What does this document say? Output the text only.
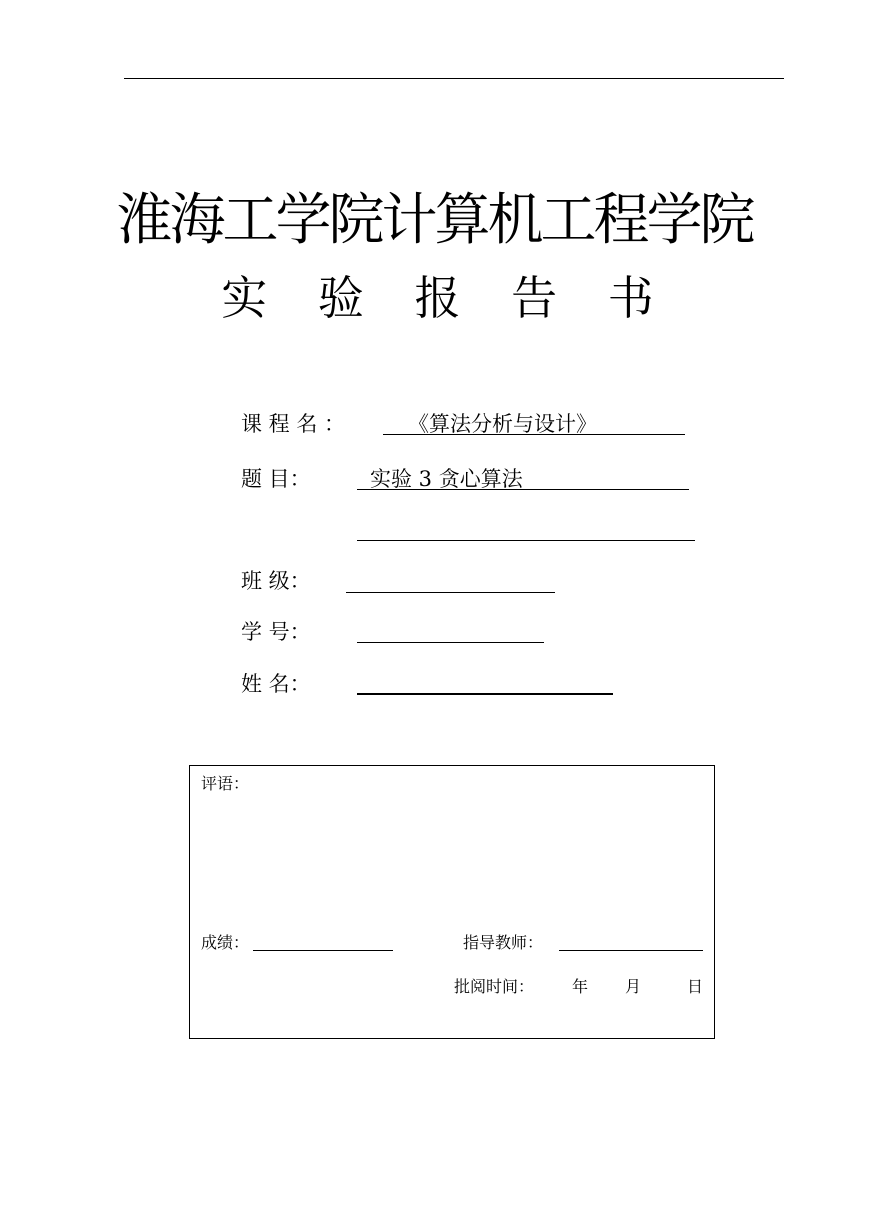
淮海工学院计算机工程学院
实 验 报 告 书
课 程 名 ：	《算法分析与设计》
题 目：	实验 3 贪心算法
班 级：
学 号：
姓 名：
评语：
成绩：	指导教师：
批阅时间： 年 月	日
